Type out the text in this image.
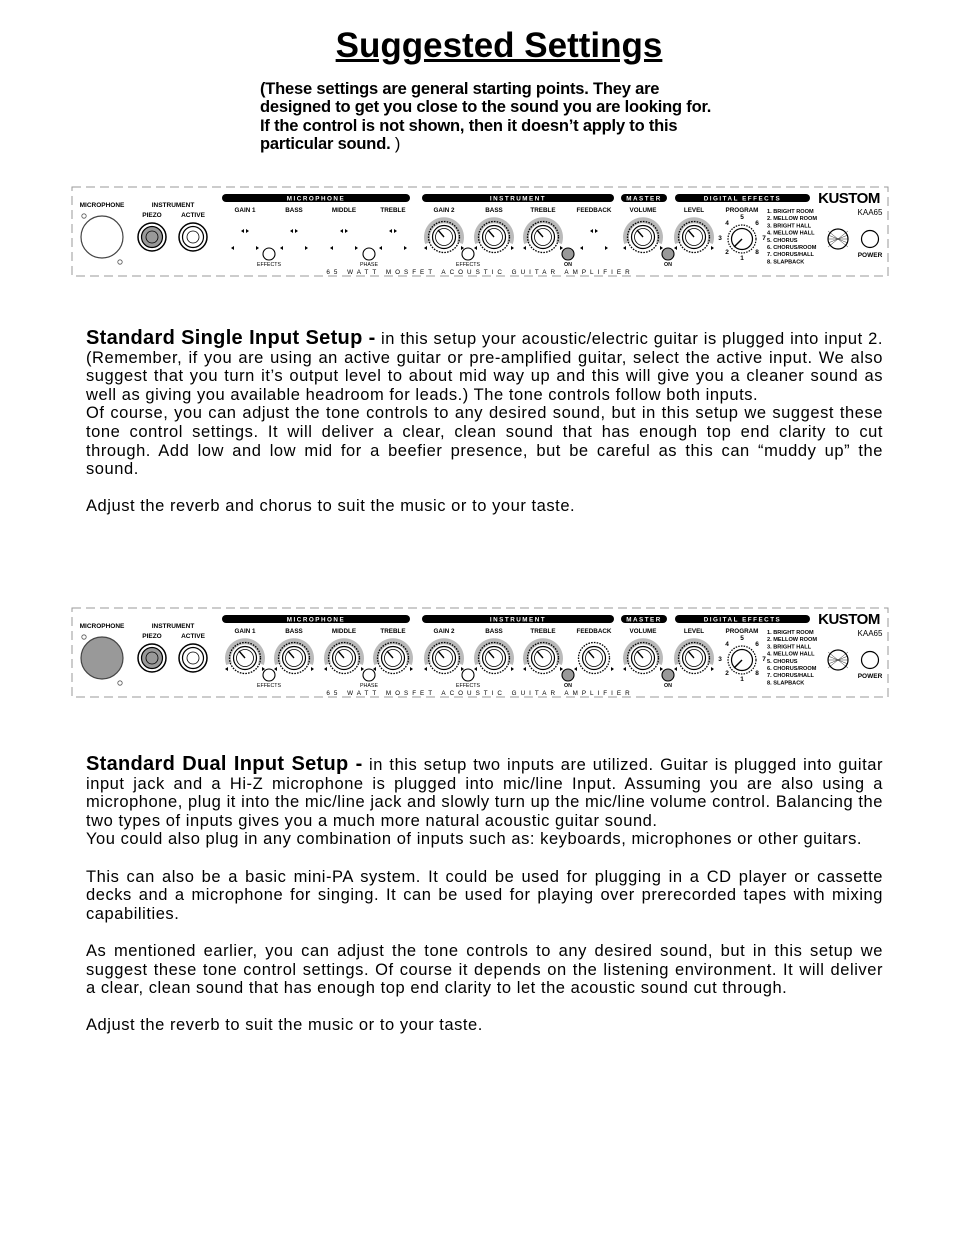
Suggested Settings

(These settings are general starting points. They are designed to get you close to the sound you are looking for. If the control is not shown, then it doesn’t apply to this particular sound. )

MICROPHONE	INSTRUMENT
PIEZO	ACTIVE
MICROPHONE	INSTRUMENT	MASTER	DIGITAL EFFECTS KUSTOM
KAA65
GAIN 1	BASS	MIDDLE	TREBLE	GAIN 2	BASS	TREBLE	FEEDBACK	VOLUME	LEVEL	PROGRAM
5
4	6
3	7
2	8
1
1. BRIGHT ROOM
2. MELLOW ROOM
3. BRIGHT HALL
4. MELLOW HALL
5. CHORUS
6. CHORUS/ROOM
7. CHORUS/HALL
8. SLAPBACK
POWER
EFFECTS	PHASE	EFFECTS	ON	ON
65 WATT MOSFET ACOUSTIC GUITAR AMPLIFIER

Standard Single Input Setup - in this setup your acoustic/electric guitar is plugged into input 2. (Remember, if you are using an active guitar or pre-amplified guitar, select the active input. We also suggest that you turn it’s output level to about mid way up and this will give you a cleaner sound as well as giving you available headroom for leads.) The tone controls follow both inputs.

Of course, you can adjust the tone controls to any desired sound, but in this setup we suggest these tone control settings. It will deliver a clear, clean sound that has enough top end clarity to cut through. Add low and low mid for a beefier presence, but be careful as this can “muddy up” the sound.

Adjust the reverb and chorus to suit the music or to your taste.

MICROPHONE	INSTRUMENT
PIEZO	ACTIVE
MICROPHONE	INSTRUMENT	MASTER	DIGITAL EFFECTS KUSTOM
KAA65
GAIN 1	BASS	MIDDLE	TREBLE	GAIN 2	BASS	TREBLE	FEEDBACK	VOLUME	LEVEL	PROGRAM
5
4	6
3	7
2	8
1
1. BRIGHT ROOM
2. MELLOW ROOM
3. BRIGHT HALL
4. MELLOW HALL
5. CHORUS
6. CHORUS/ROOM
7. CHORUS/HALL
8. SLAPBACK
POWER
EFFECTS	PHASE	EFFECTS	ON	ON
65 WATT MOSFET ACOUSTIC GUITAR AMPLIFIER

Standard Dual Input Setup - in this setup two inputs are utilized. Guitar is plugged into guitar input jack and a Hi-Z microphone is plugged into mic/line Input. Assuming you are also using a microphone, plug it into the mic/line jack and slowly turn up the mic/line volume control. Balancing the two types of inputs gives you a much more natural acoustic guitar sound.

You could also plug in any combination of inputs such as: keyboards, microphones or other guitars.

This can also be a basic mini-PA system. It could be used for plugging in a CD player or cassette decks and a microphone for singing. It can be used for playing over prerecorded tapes with mixing capabilities.

As mentioned earlier, you can adjust the tone controls to any desired sound, but in this setup we suggest these tone control settings. Of course it depends on the listening environment. It will deliver a clear, clean sound that has enough top end clarity to let the acoustic sound cut through.

Adjust the reverb to suit the music or to your taste.
